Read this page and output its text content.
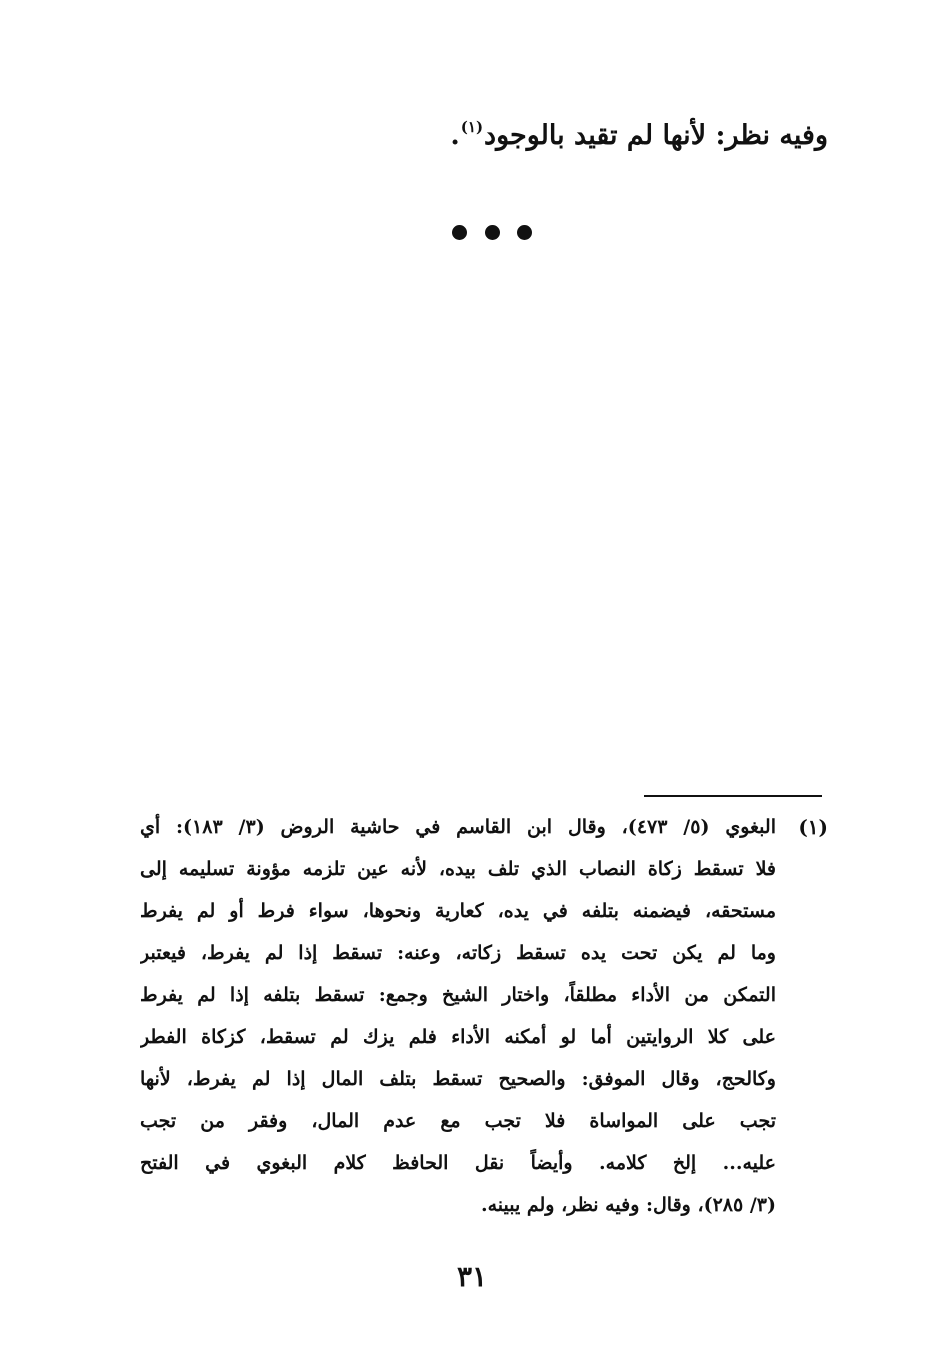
وفيه نظر: لأنها لم تقيد بالوجود$^{(١)}$.
(١)
البغوي (٥/ ٤٧٣)، وقال ابن القاسم في حاشية الروض (٣/ ١٨٣): أي
فلا تسقط زكاة النصاب الذي تلف بيده، لأنه عين تلزمه مؤونة تسليمه إلى
مستحقه، فيضمنه بتلفه في يده، كعارية ونحوها، سواء فرط أو لم يفرط
وما لم يكن تحت يده تسقط زكاته، وعنه: تسقط إذا لم يفرط، فيعتبر
التمكن من الأداء مطلقاً، واختار الشيخ وجمع: تسقط بتلفه إذا لم يفرط
على كلا الروايتين أما لو أمكنه الأداء فلم يزك لم تسقط، كزكاة الفطر
وكالحج، وقال الموفق: والصحيح تسقط بتلف المال إذا لم يفرط، لأنها
تجب على المواساة فلا تجب مع عدم المال، وفقر من تجب
عليه... إلخ كلامه. وأيضاً نقل الحافظ كلام البغوي في الفتح
(٣/ ٢٨٥)، وقال: وفيه نظر، ولم يبينه.
٣١
